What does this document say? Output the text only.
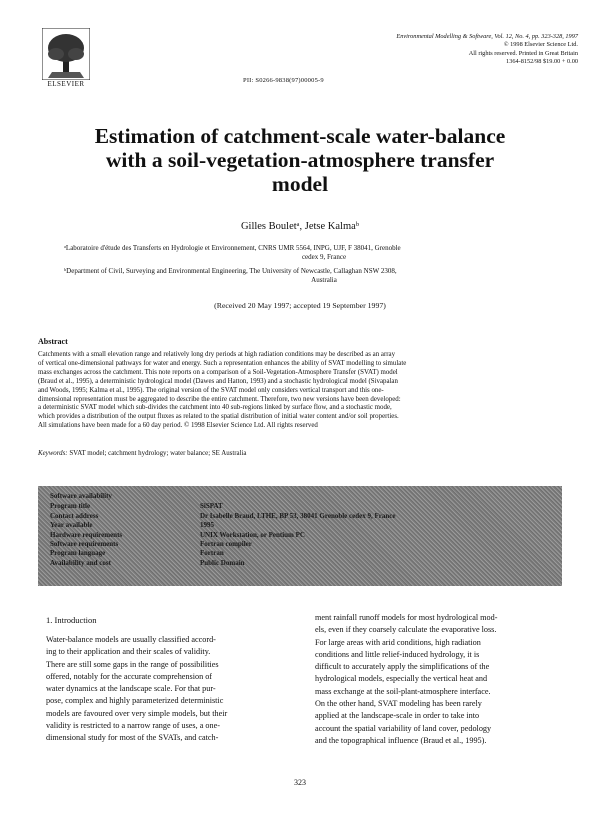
ELSEVIER	PII: S0266-9838(97)00005-9
Environmental Modelling & Software, Vol. 12, No. 4, pp. 323-328, 1997
© 1998 Elsevier Science Ltd.
All rights reserved. Printed in Great Britain
1364-8152/98 $19.00 + 0.00
Estimation of catchment-scale water-balance
with a soil-vegetation-atmosphere transfer
model
Gilles Bouletᵃ, Jetse Kalmaᵇ
ᵃLaboratoire d'étude des Transferts en Hydrologie et Environnement, CNRS UMR 5564, INPG, UJF, F 38041, Grenoble
cedex 9, France
ᵇDepartment of Civil, Surveying and Environmental Engineering, The University of Newcastle, Callaghan NSW 2308,
Australia
(Received 20 May 1997; accepted 19 September 1997)
Abstract
Catchments with a small elevation range and relatively long dry periods at high radiation conditions may be described as an array
of vertical one-dimensional pathways for water and energy. Such a representation enhances the ability of SVAT modelling to simulate
mass exchanges across the catchment. This note reports on a comparison of a Soil-Vegetation-Atmosphere Transfer (SVAT) model
(Braud et al., 1995), a deterministic hydrological model (Dawes and Hatton, 1993) and a stochastic hydrological model (Sivapalan
and Woods, 1995; Kalma et al., 1995). The original version of the SVAT model only considers vertical transport and this one-
dimensional representation must be aggregated to describe the entire catchment. Therefore, two new versions have been developed:
a deterministic SVAT model which sub-divides the catchment into 40 sub-regions linked by surface flow, and a stochastic mode,
which provides a distribution of the output fluxes as related to the spatial distribution of initial water content and/or soil properties.
All simulations have been made for a 60 day period. © 1998 Elsevier Science Ltd. All rights reserved
Keywords: SVAT model; catchment hydrology; water balance; SE Australia
Software availability
Program title	SiSPAT
Contact address	Dr Isabelle Braud, LTHE, BP 53, 38041 Grenoble cedex 9, France
Year available	1995
Hardware requirements	UNIX Workstation, or Pentium PC
Software requirements	Fortran compiler
Program language	Fortran
Availability and cost	Public Domain
1. Introduction
Water-balance models are usually classified accord-
ing to their application and their scales of validity.
There are still some gaps in the range of possibilities
offered, notably for the accurate comprehension of
water dynamics at the landscape scale. For that pur-
pose, complex and highly parameterized deterministic
models are favoured over very simple models, but their
validity is restricted to a narrow range of uses, a one-
dimensional study for most of the SVATs, and catch-
ment rainfall runoff models for most hydrological mod-
els, even if they coarsely calculate the evaporative loss.
For large areas with arid conditions, high radiation
conditions and little relief-induced hydrology, it is
difficult to accurately apply the simplifications of the
hydrological models, especially the vertical heat and
mass exchange at the soil-plant-atmosphere interface.
On the other hand, SVAT modeling has been rarely
applied at the landscape-scale in order to take into
account the spatial variability of land cover, pedology
and the topographical influence (Braud et al., 1995).
323
